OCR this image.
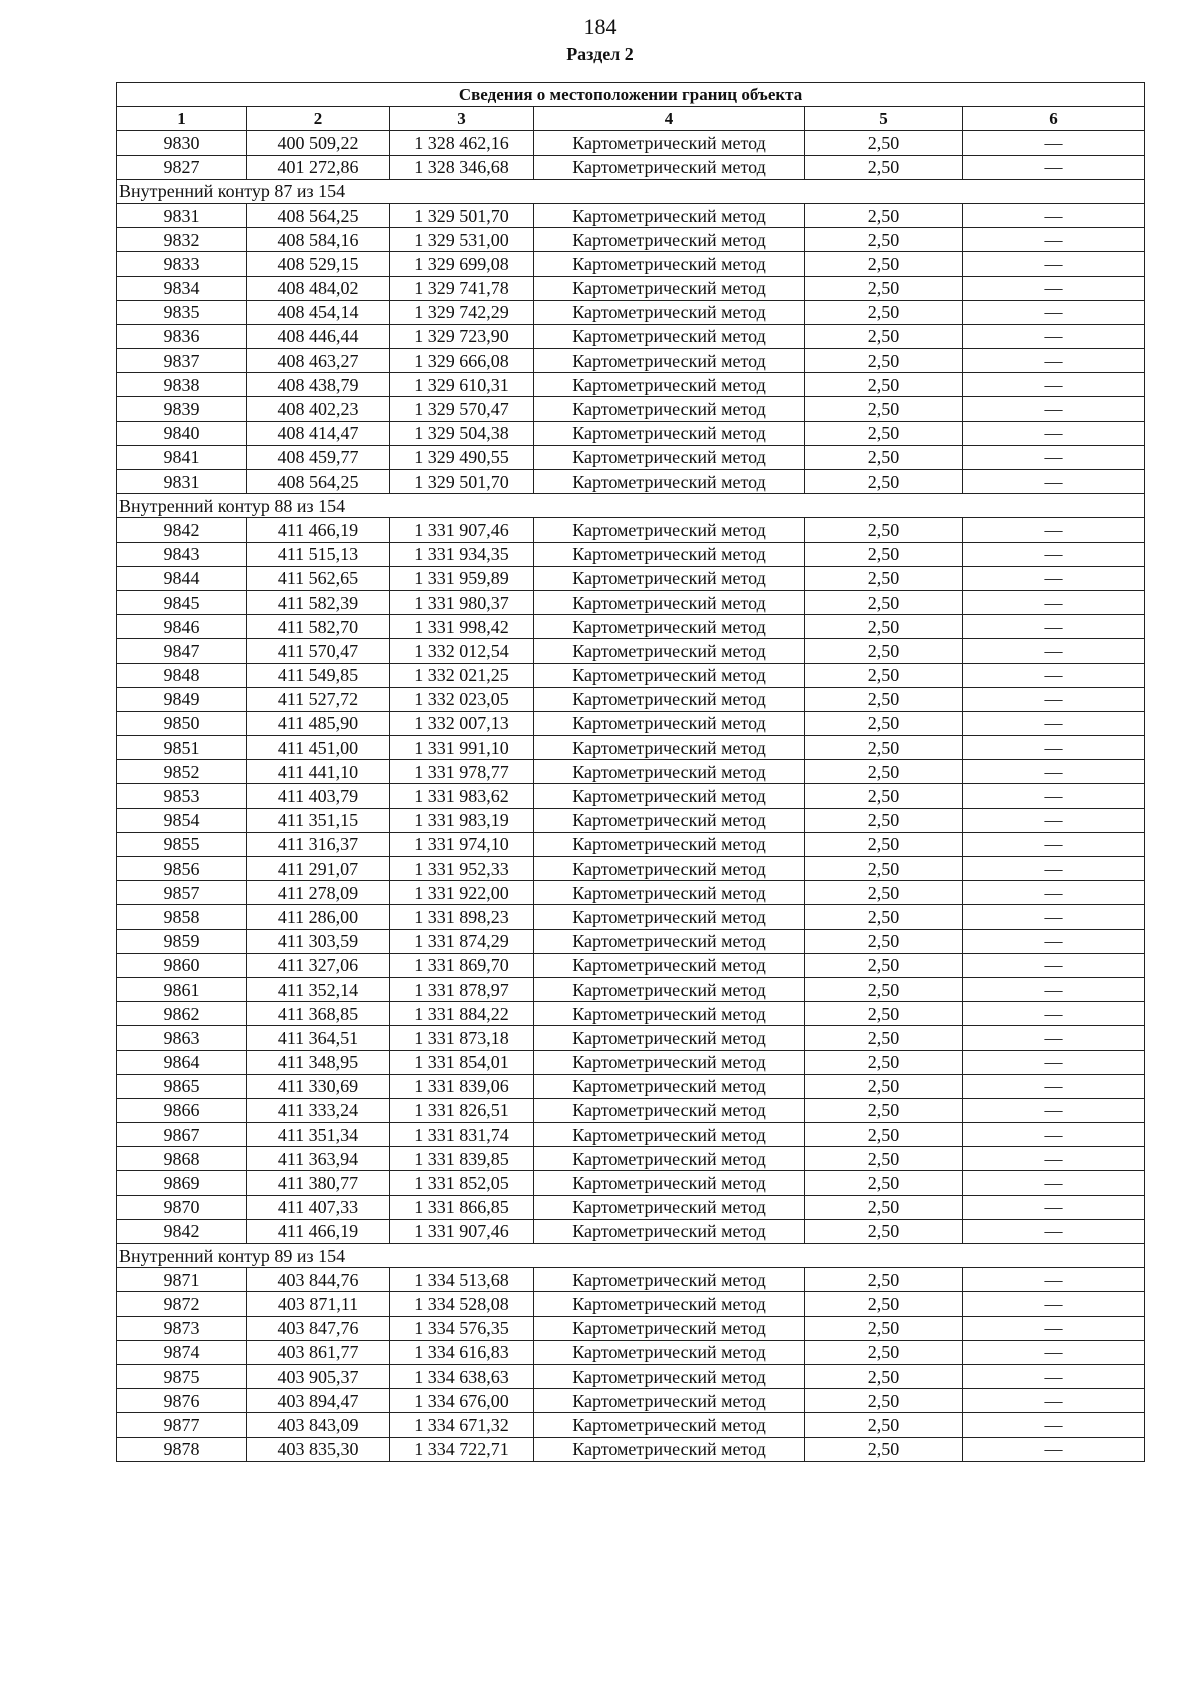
184
Раздел 2
Сведения о местоположении границ объекта					
1	2	3	4	5	6
9830	400 509,22	1 328 462,16	Картометрический метод	2,50	—
9827	401 272,86	1 328 346,68	Картометрический метод	2,50	—
Внутренний контур 87 из 154					
9831	408 564,25	1 329 501,70	Картометрический метод	2,50	—
9832	408 584,16	1 329 531,00	Картометрический метод	2,50	—
9833	408 529,15	1 329 699,08	Картометрический метод	2,50	—
9834	408 484,02	1 329 741,78	Картометрический метод	2,50	—
9835	408 454,14	1 329 742,29	Картометрический метод	2,50	—
9836	408 446,44	1 329 723,90	Картометрический метод	2,50	—
9837	408 463,27	1 329 666,08	Картометрический метод	2,50	—
9838	408 438,79	1 329 610,31	Картометрический метод	2,50	—
9839	408 402,23	1 329 570,47	Картометрический метод	2,50	—
9840	408 414,47	1 329 504,38	Картометрический метод	2,50	—
9841	408 459,77	1 329 490,55	Картометрический метод	2,50	—
9831	408 564,25	1 329 501,70	Картометрический метод	2,50	—
Внутренний контур 88 из 154					
9842	411 466,19	1 331 907,46	Картометрический метод	2,50	—
9843	411 515,13	1 331 934,35	Картометрический метод	2,50	—
9844	411 562,65	1 331 959,89	Картометрический метод	2,50	—
9845	411 582,39	1 331 980,37	Картометрический метод	2,50	—
9846	411 582,70	1 331 998,42	Картометрический метод	2,50	—
9847	411 570,47	1 332 012,54	Картометрический метод	2,50	—
9848	411 549,85	1 332 021,25	Картометрический метод	2,50	—
9849	411 527,72	1 332 023,05	Картометрический метод	2,50	—
9850	411 485,90	1 332 007,13	Картометрический метод	2,50	—
9851	411 451,00	1 331 991,10	Картометрический метод	2,50	—
9852	411 441,10	1 331 978,77	Картометрический метод	2,50	—
9853	411 403,79	1 331 983,62	Картометрический метод	2,50	—
9854	411 351,15	1 331 983,19	Картометрический метод	2,50	—
9855	411 316,37	1 331 974,10	Картометрический метод	2,50	—
9856	411 291,07	1 331 952,33	Картометрический метод	2,50	—
9857	411 278,09	1 331 922,00	Картометрический метод	2,50	—
9858	411 286,00	1 331 898,23	Картометрический метод	2,50	—
9859	411 303,59	1 331 874,29	Картометрический метод	2,50	—
9860	411 327,06	1 331 869,70	Картометрический метод	2,50	—
9861	411 352,14	1 331 878,97	Картометрический метод	2,50	—
9862	411 368,85	1 331 884,22	Картометрический метод	2,50	—
9863	411 364,51	1 331 873,18	Картометрический метод	2,50	—
9864	411 348,95	1 331 854,01	Картометрический метод	2,50	—
9865	411 330,69	1 331 839,06	Картометрический метод	2,50	—
9866	411 333,24	1 331 826,51	Картометрический метод	2,50	—
9867	411 351,34	1 331 831,74	Картометрический метод	2,50	—
9868	411 363,94	1 331 839,85	Картометрический метод	2,50	—
9869	411 380,77	1 331 852,05	Картометрический метод	2,50	—
9870	411 407,33	1 331 866,85	Картометрический метод	2,50	—
9842	411 466,19	1 331 907,46	Картометрический метод	2,50	—
Внутренний контур 89 из 154					
9871	403 844,76	1 334 513,68	Картометрический метод	2,50	—
9872	403 871,11	1 334 528,08	Картометрический метод	2,50	—
9873	403 847,76	1 334 576,35	Картометрический метод	2,50	—
9874	403 861,77	1 334 616,83	Картометрический метод	2,50	—
9875	403 905,37	1 334 638,63	Картометрический метод	2,50	—
9876	403 894,47	1 334 676,00	Картометрический метод	2,50	—
9877	403 843,09	1 334 671,32	Картометрический метод	2,50	—
9878	403 835,30	1 334 722,71	Картометрический метод	2,50	—
